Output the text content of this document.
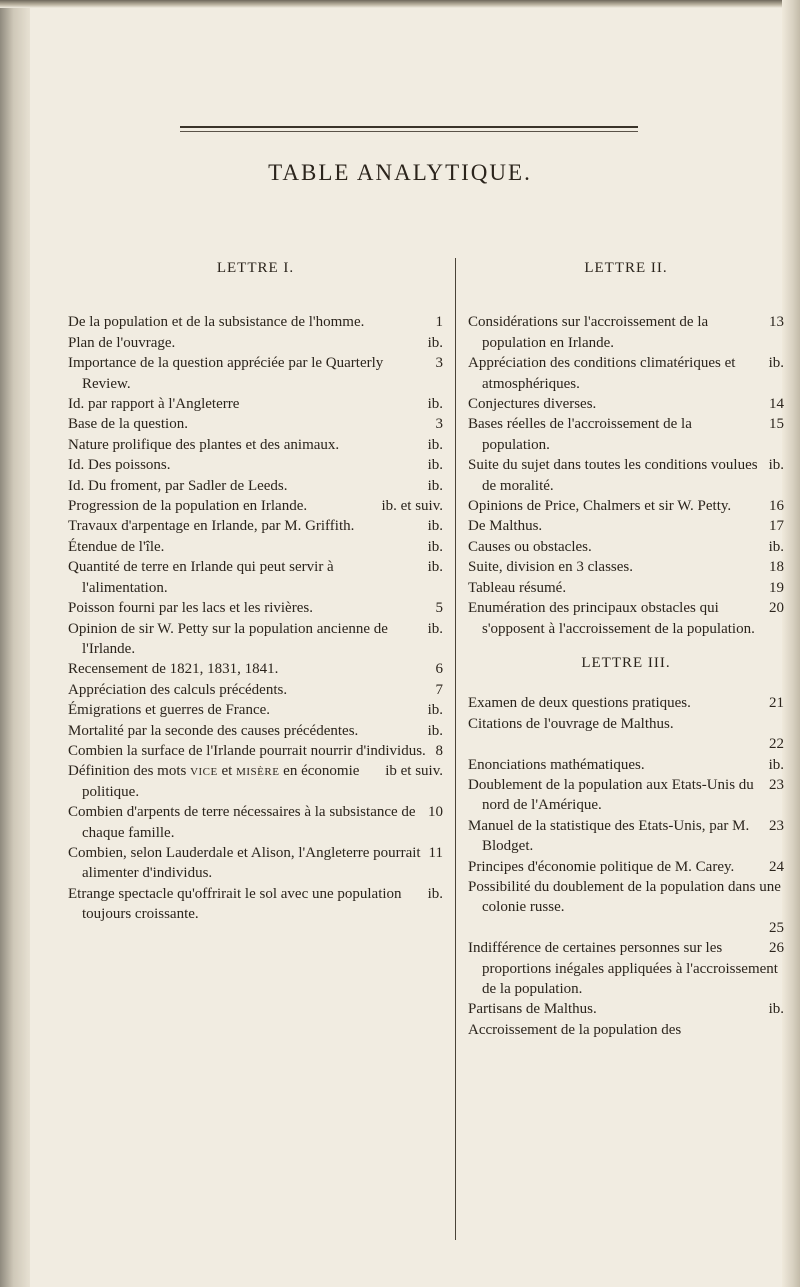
TABLE ANALYTIQUE.
LETTRE I.

1
De la population et de la subsistance de l'homme.

ib.
Plan de l'ouvrage.

3
Importance de la question appréciée par le Quarterly Review.

ib.
Id. par rapport à l'Angleterre

3
Base de la question.

ib.
Nature prolifique des plantes et des animaux.

ib.
Id. Des poissons.

ib.
Id. Du froment, par Sadler de Leeds.

ib. et suiv.
Progression de la population en Irlande.

ib.
Travaux d'arpentage en Irlande, par M. Griffith.

ib.
Étendue de l'île.

ib.
Quantité de terre en Irlande qui peut servir à l'alimentation.

5
Poisson fourni par les lacs et les rivières.

ib.
Opinion de sir W. Petty sur la population ancienne de l'Irlande.

6
Recensement de 1821, 1831, 1841.

7
Appréciation des calculs précédents.

ib.
Émigrations et guerres de France.

ib.
Mortalité par la seconde des causes précédentes.

8
Combien la surface de l'Irlande pourrait nourrir d'individus.

ib et suiv.
Définition des mots vice et misère en économie politique.

10
Combien d'arpents de terre nécessaires à la subsistance de chaque famille.

11
Combien, selon Lauderdale et Alison, l'Angleterre pourrait alimenter d'individus.

ib.
Etrange spectacle qu'offrirait le sol avec une population toujours croissante.

LETTRE II.

13
Considérations sur l'accroissement de la population en Irlande.

ib.
Appréciation des conditions climatériques et atmosphériques.

14
Conjectures diverses.

15
Bases réelles de l'accroissement de la population.

ib.
Suite du sujet dans toutes les conditions voulues de moralité.

16
Opinions de Price, Chalmers et sir W. Petty.

17
De Malthus.

ib.
Causes ou obstacles.

18
Suite, division en 3 classes.

19
Tableau résumé.

20
Enumération des principaux obstacles qui s'opposent à l'accroissement de la population.

LETTRE III.

21
Examen de deux questions pratiques.

Citations de l'ouvrage de Malthus.
22

ib.
Enonciations mathématiques.

23
Doublement de la population aux Etats-Unis du nord de l'Amérique.

23
Manuel de la statistique des Etats-Unis, par M. Blodget.

24
Principes d'économie politique de M. Carey.

Possibilité du doublement de la population dans une colonie russe.
25

26
Indifférence de certaines personnes sur les proportions inégales appliquées à l'accroissement de la population.

ib.
Partisans de Malthus.

Accroissement de la population des
